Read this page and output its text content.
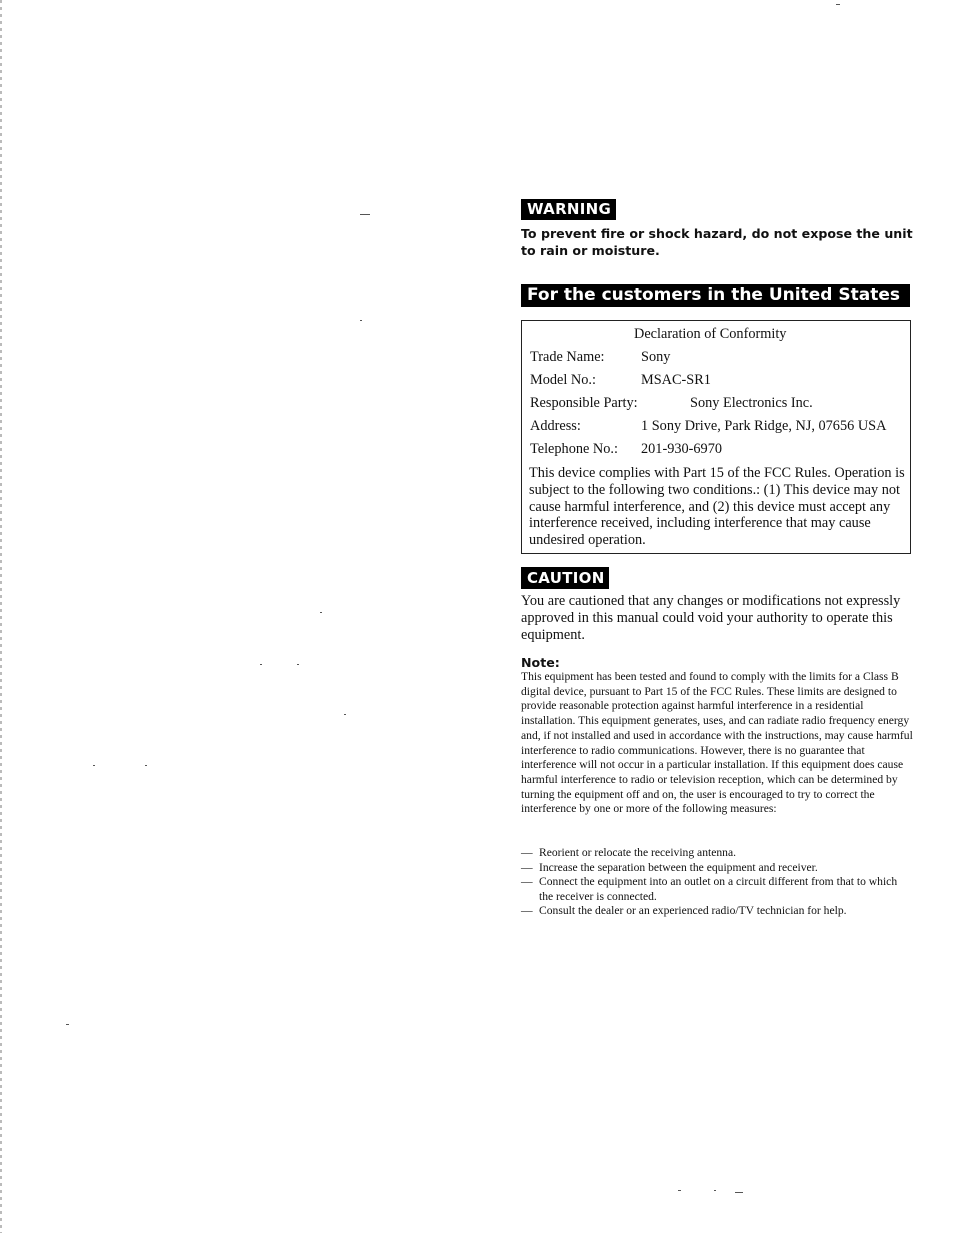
WARNING
To prevent fire or shock hazard, do not expose the unit to rain or moisture.
For the customers in the United States
Declaration of Conformity
Trade Name:	Sony
Model No.:	MSAC-SR1
Responsible Party:	Sony Electronics Inc.
Address:	1 Sony Drive, Park Ridge, NJ, 07656 USA
Telephone No.: 201-930-6970
This device complies with Part 15 of the FCC Rules. Operation is subject to the following two conditions.: (1) This device may not cause harmful interference, and (2) this device must accept any interference received, including interference that may cause undesired operation.
CAUTION
You are cautioned that any changes or modifications not expressly approved in this manual could void your authority to operate this equipment.
Note:
This equipment has been tested and found to comply with the limits for a Class B digital device, pursuant to Part 15 of the FCC Rules. These limits are designed to provide reasonable protection against harmful interference in a residential installation. This equipment generates, uses, and can radiate radio frequency energy and, if not installed and used in accordance with the instructions, may cause harmful interference to radio communications. However, there is no guarantee that interference will not occur in a particular installation. If this equipment does cause harmful interference to radio or television reception, which can be determined by turning the equipment off and on, the user is encouraged to try to correct the interference by one or more of the following measures:
— Reorient or relocate the receiving antenna.
— Increase the separation between the equipment and receiver.
— Connect the equipment into an outlet on a circuit different from that to which the receiver is connected.
— Consult the dealer or an experienced radio/TV technician for help.
